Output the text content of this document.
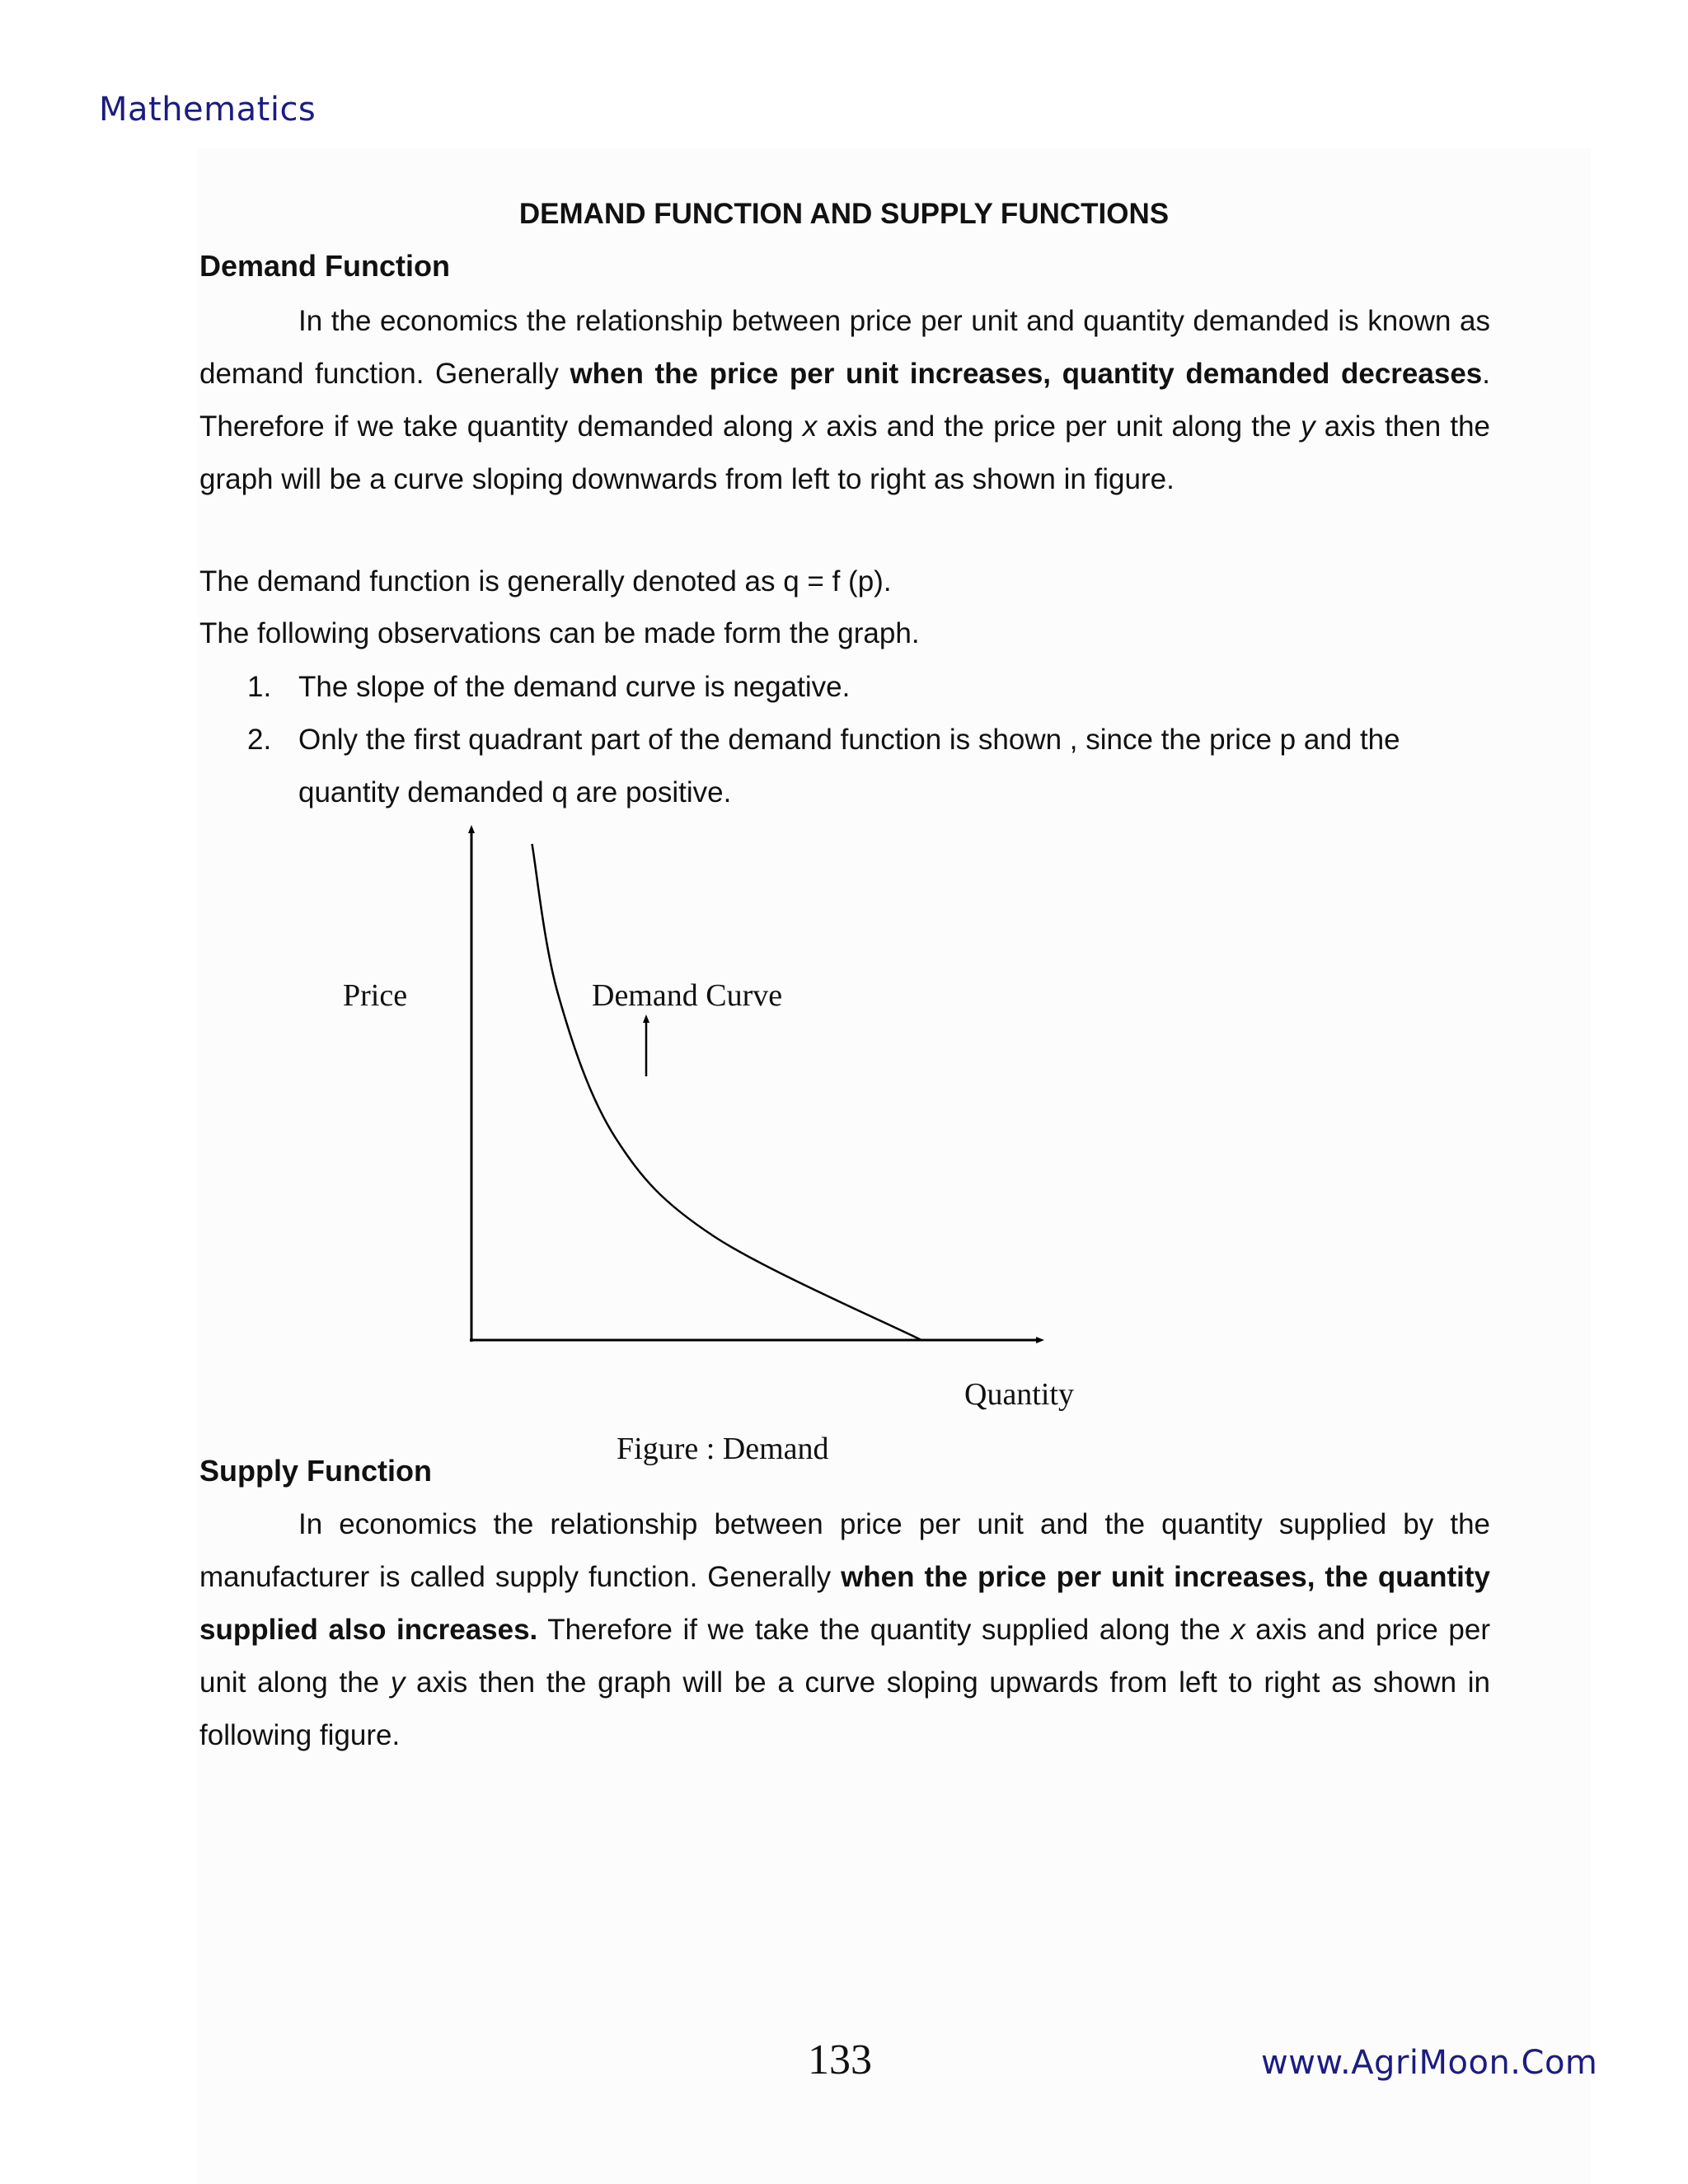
Mathematics
DEMAND FUNCTION AND SUPPLY FUNCTIONS
Demand Function

In the economics the relationship between price per unit and quantity demanded is known as demand function. Generally when the price per unit increases, quantity demanded decreases. Therefore if we take quantity demanded along x axis and the price per unit along the y axis then the graph will be a curve sloping downwards from left to right as shown in figure.

The demand function is generally denoted as q = f (p).
The following observations can be made form the graph.
1. The slope of the demand curve is negative.
2. Only the first quadrant part of the demand function is shown , since the price p and the quantity demanded q are positive.
Price	Demand Curve
Quantity
Figure : Demand
Supply Function

In economics the relationship between price per unit and the quantity supplied by the manufacturer is called supply function. Generally when the price per unit increases, the quantity supplied also increases. Therefore if we take the quantity supplied along the x axis and price per unit along the y axis then the graph will be a curve sloping upwards from left to right as shown in following figure.

133	www.AgriMoon.Com
